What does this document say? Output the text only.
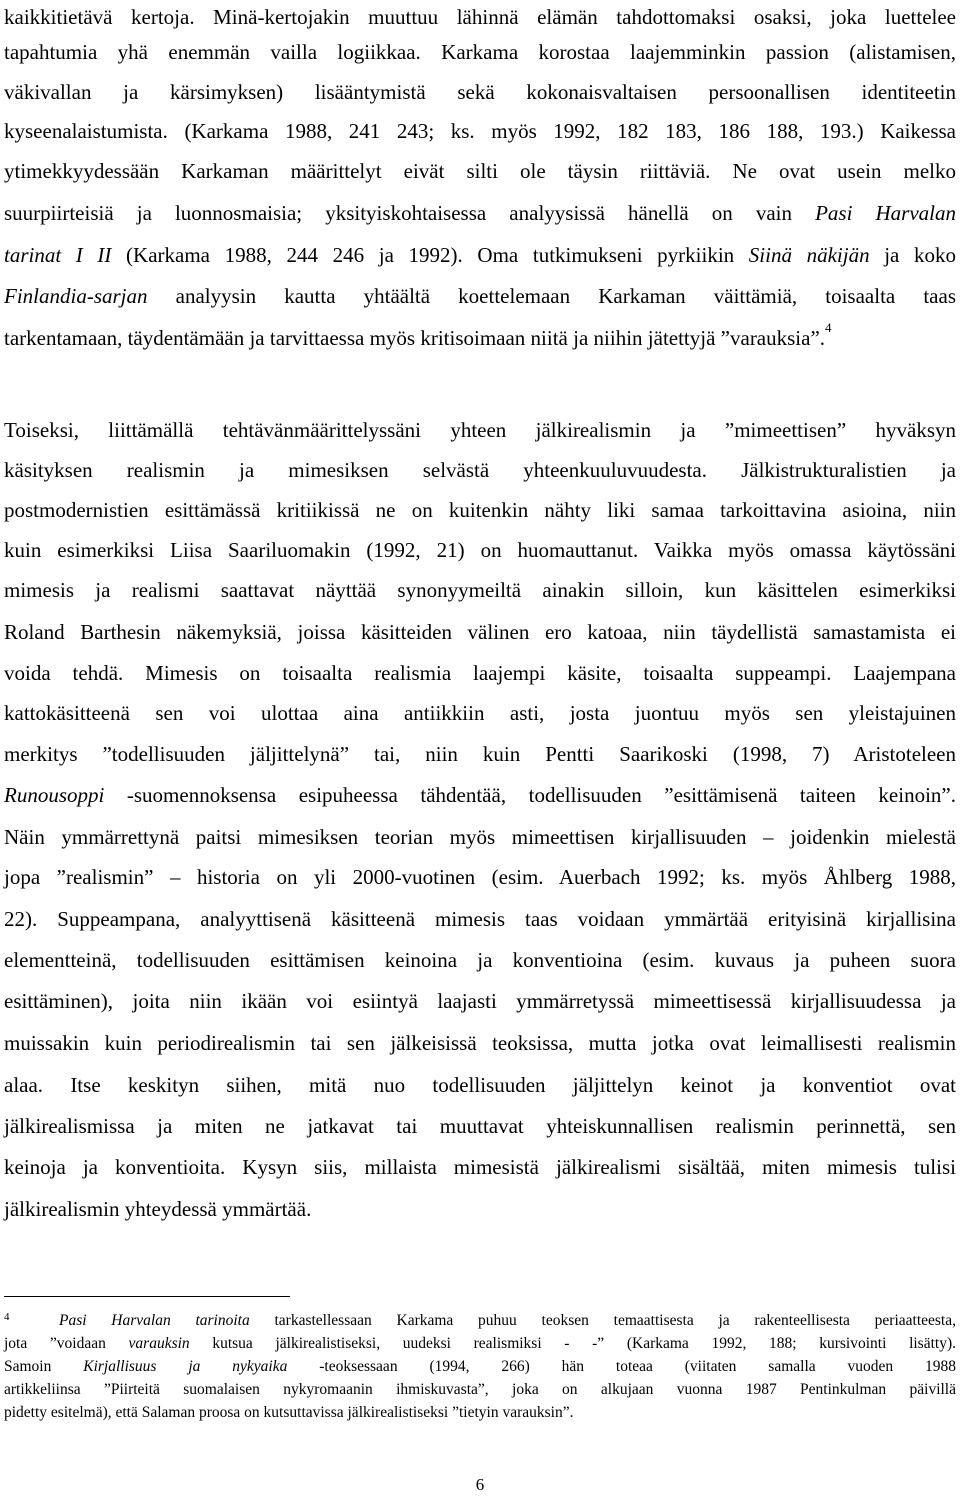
kaikkitietävä kertoja. Minä-kertojakin muuttuu lähinnä elämän tahdottomaksi osaksi, joka luettelee
tapahtumia yhä enemmän vailla logiikkaa. Karkama korostaa laajemminkin passion (alistamisen,
väkivallan ja kärsimyksen) lisääntymistä sekä kokonaisvaltaisen persoonallisen identiteetin
kyseenalaistumista. (Karkama 1988, 241 243; ks. myös 1992, 182 183, 186 188, 193.) Kaikessa
ytimekkyydessään Karkaman määrittelyt eivät silti ole täysin riittäviä. Ne ovat usein melko
suurpiirteisiä ja luonnosmaisia; yksityiskohtaisessa analyysissä hänellä on vain Pasi Harvalan
tarinat I II (Karkama 1988, 244 246 ja 1992). Oma tutkimukseni pyrkiikin Siinä näkijän ja koko
Finlandia-sarjan analyysin kautta yhtäältä koettelemaan Karkaman väittämiä, toisaalta taas
tarkentamaan, täydentämään ja tarvittaessa myös kritisoimaan niitä ja niihin jätettyjä ”varauksia”.$^4$
Toiseksi, liittämällä tehtävänmäärittelyssäni yhteen jälkirealismin ja ”mimeettisen” hyväksyn
käsityksen realismin ja mimesiksen selvästä yhteenkuuluvuudesta. Jälkistrukturalistien ja
postmodernistien esittämässä kritiikissä ne on kuitenkin nähty liki samaa tarkoittavina asioina, niin
kuin esimerkiksi Liisa Saariluomakin (1992, 21) on huomauttanut. Vaikka myös omassa käytössäni
mimesis ja realismi saattavat näyttää synonyymeiltä ainakin silloin, kun käsittelen esimerkiksi
Roland Barthesin näkemyksiä, joissa käsitteiden välinen ero katoaa, niin täydellistä samastamista ei
voida tehdä. Mimesis on toisaalta realismia laajempi käsite, toisaalta suppeampi. Laajempana
kattokäsitteenä sen voi ulottaa aina antiikkiin asti, josta juontuu myös sen yleistajuinen
merkitys ”todellisuuden jäljittelynä” tai, niin kuin Pentti Saarikoski (1998, 7) Aristoteleen
Runousoppi -suomennoksensa esipuheessa tähdentää, todellisuuden ”esittämisenä taiteen keinoin”.
Näin ymmärrettynä paitsi mimesiksen teorian myös mimeettisen kirjallisuuden – joidenkin mielestä
jopa ”realismin” – historia on yli 2000-vuotinen (esim. Auerbach 1992; ks. myös Åhlberg 1988,
22). Suppeampana, analyyttisenä käsitteenä mimesis taas voidaan ymmärtää erityisinä kirjallisina
elementteinä, todellisuuden esittämisen keinoina ja konventioina (esim. kuvaus ja puheen suora
esittäminen), joita niin ikään voi esiintyä laajasti ymmärretyssä mimeettisessä kirjallisuudessa ja
muissakin kuin periodirealismin tai sen jälkeisissä teoksissa, mutta jotka ovat leimallisesti realismin
alaa. Itse keskityn siihen, mitä nuo todellisuuden jäljittelyn keinot ja konventiot ovat
jälkirealismissa ja miten ne jatkavat tai muuttavat yhteiskunnallisen realismin perinnettä, sen
keinoja ja konventioita. Kysyn siis, millaista mimesistä jälkirealismi sisältää, miten mimesis tulisi
jälkirealismin yhteydessä ymmärtää.
$^4$	Pasi Harvalan tarinoita tarkastellessaan Karkama puhuu teoksen temaattisesta ja rakenteellisesta periaatteesta,
jota ”voidaan varauksin kutsua jälkirealistiseksi, uudeksi realismiksi - -” (Karkama 1992, 188; kursivointi lisätty).
Samoin Kirjallisuus ja nykyaika -teoksessaan (1994, 266) hän toteaa (viitaten samalla vuoden 1988
artikkeliinsa ”Piirteitä suomalaisen nykyromaanin ihmiskuvasta”, joka on alkujaan vuonna 1987 Pentinkulman päivillä
pidetty esitelmä), että Salaman proosa on kutsuttavissa jälkirealistiseksi ”tietyin varauksin”.
6
